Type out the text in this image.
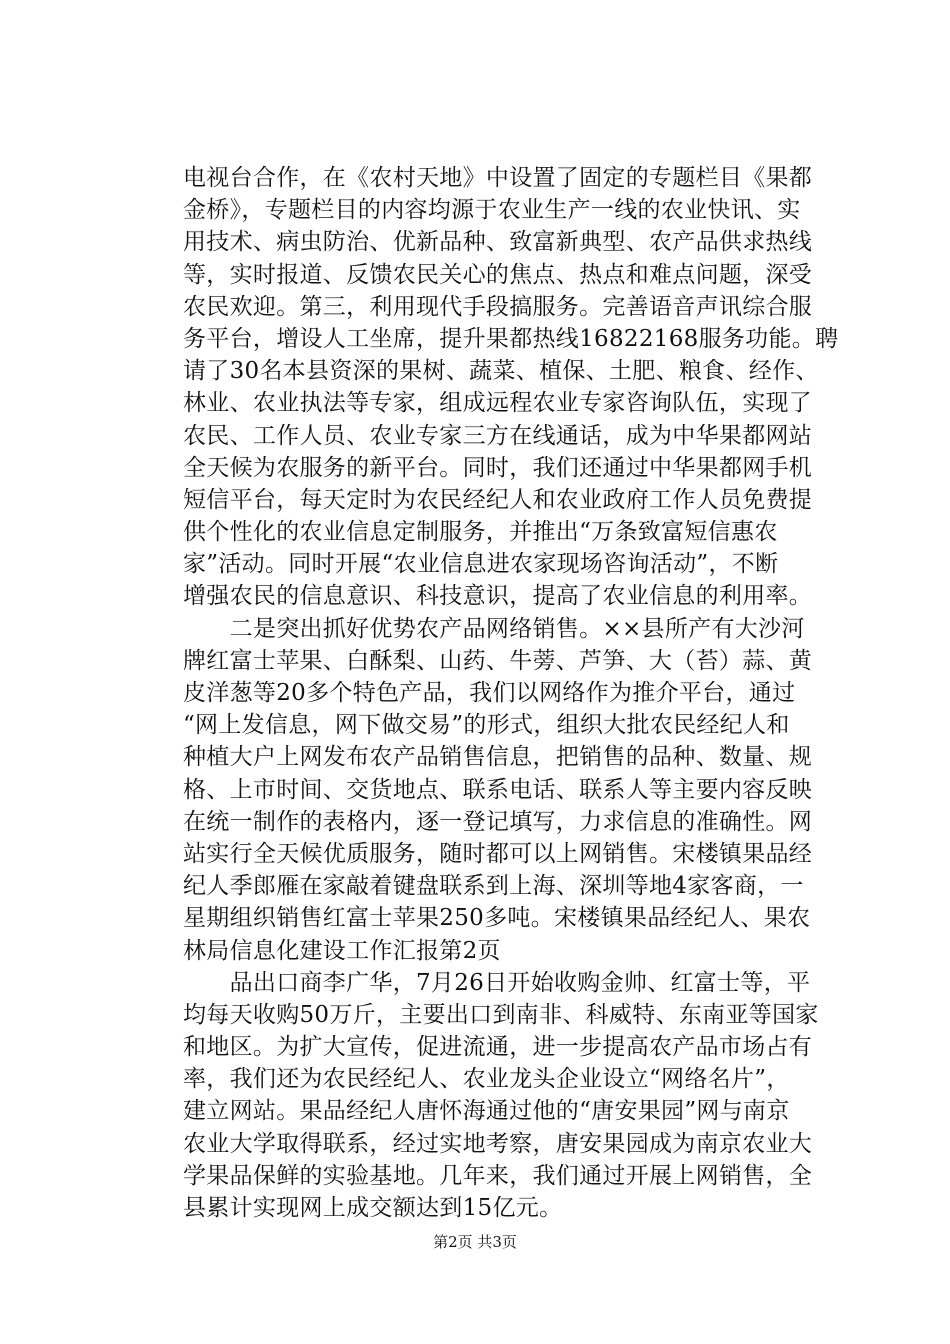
电视台合作，在《农村天地》中设置了固定的专题栏目《果都
金桥》，专题栏目的内容均源于农业生产一线的农业快讯、实
用技术、病虫防治、优新品种、致富新典型、农产品供求热线
等，实时报道、反馈农民关心的焦点、热点和难点问题，深受
农民欢迎。第三，利用现代手段搞服务。完善语音声讯综合服
务平台，增设人工坐席，提升果都热线16822168服务功能。聘
请了30名本县资深的果树、蔬菜、植保、土肥、粮食、经作、
林业、农业执法等专家，组成远程农业专家咨询队伍，实现了
农民、工作人员、农业专家三方在线通话，成为中华果都网站
全天候为农服务的新平台。同时，我们还通过中华果都网手机
短信平台，每天定时为农民经纪人和农业政府工作人员免费提
供个性化的农业信息定制服务，并推出“万条致富短信惠农
家”活动。同时开展“农业信息进农家现场咨询活动”，不断
增强农民的信息意识、科技意识，提高了农业信息的利用率。
　　二是突出抓好优势农产品网络销售。××县所产有大沙河
牌红富士苹果、白酥梨、山药、牛蒡、芦笋、大（苔）蒜、黄
皮洋葱等20多个特色产品，我们以网络作为推介平台，通过
“网上发信息，网下做交易”的形式，组织大批农民经纪人和
种植大户上网发布农产品销售信息，把销售的品种、数量、规
格、上市时间、交货地点、联系电话、联系人等主要内容反映
在统一制作的表格内，逐一登记填写，力求信息的准确性。网
站实行全天候优质服务，随时都可以上网销售。宋楼镇果品经
纪人季郎雁在家敲着键盘联系到上海、深圳等地4家客商，一
星期组织销售红富士苹果250多吨。宋楼镇果品经纪人、果农
林局信息化建设工作汇报第2页
　　品出口商李广华，7月26日开始收购金帅、红富士等，平
均每天收购50万斤，主要出口到南非、科威特、东南亚等国家
和地区。为扩大宣传，促进流通，进一步提高农产品市场占有
率，我们还为农民经纪人、农业龙头企业设立“网络名片”，
建立网站。果品经纪人唐怀海通过他的“唐安果园”网与南京
农业大学取得联系，经过实地考察，唐安果园成为南京农业大
学果品保鲜的实验基地。几年来，我们通过开展上网销售，全
县累计实现网上成交额达到15亿元。
第2页 共3页
